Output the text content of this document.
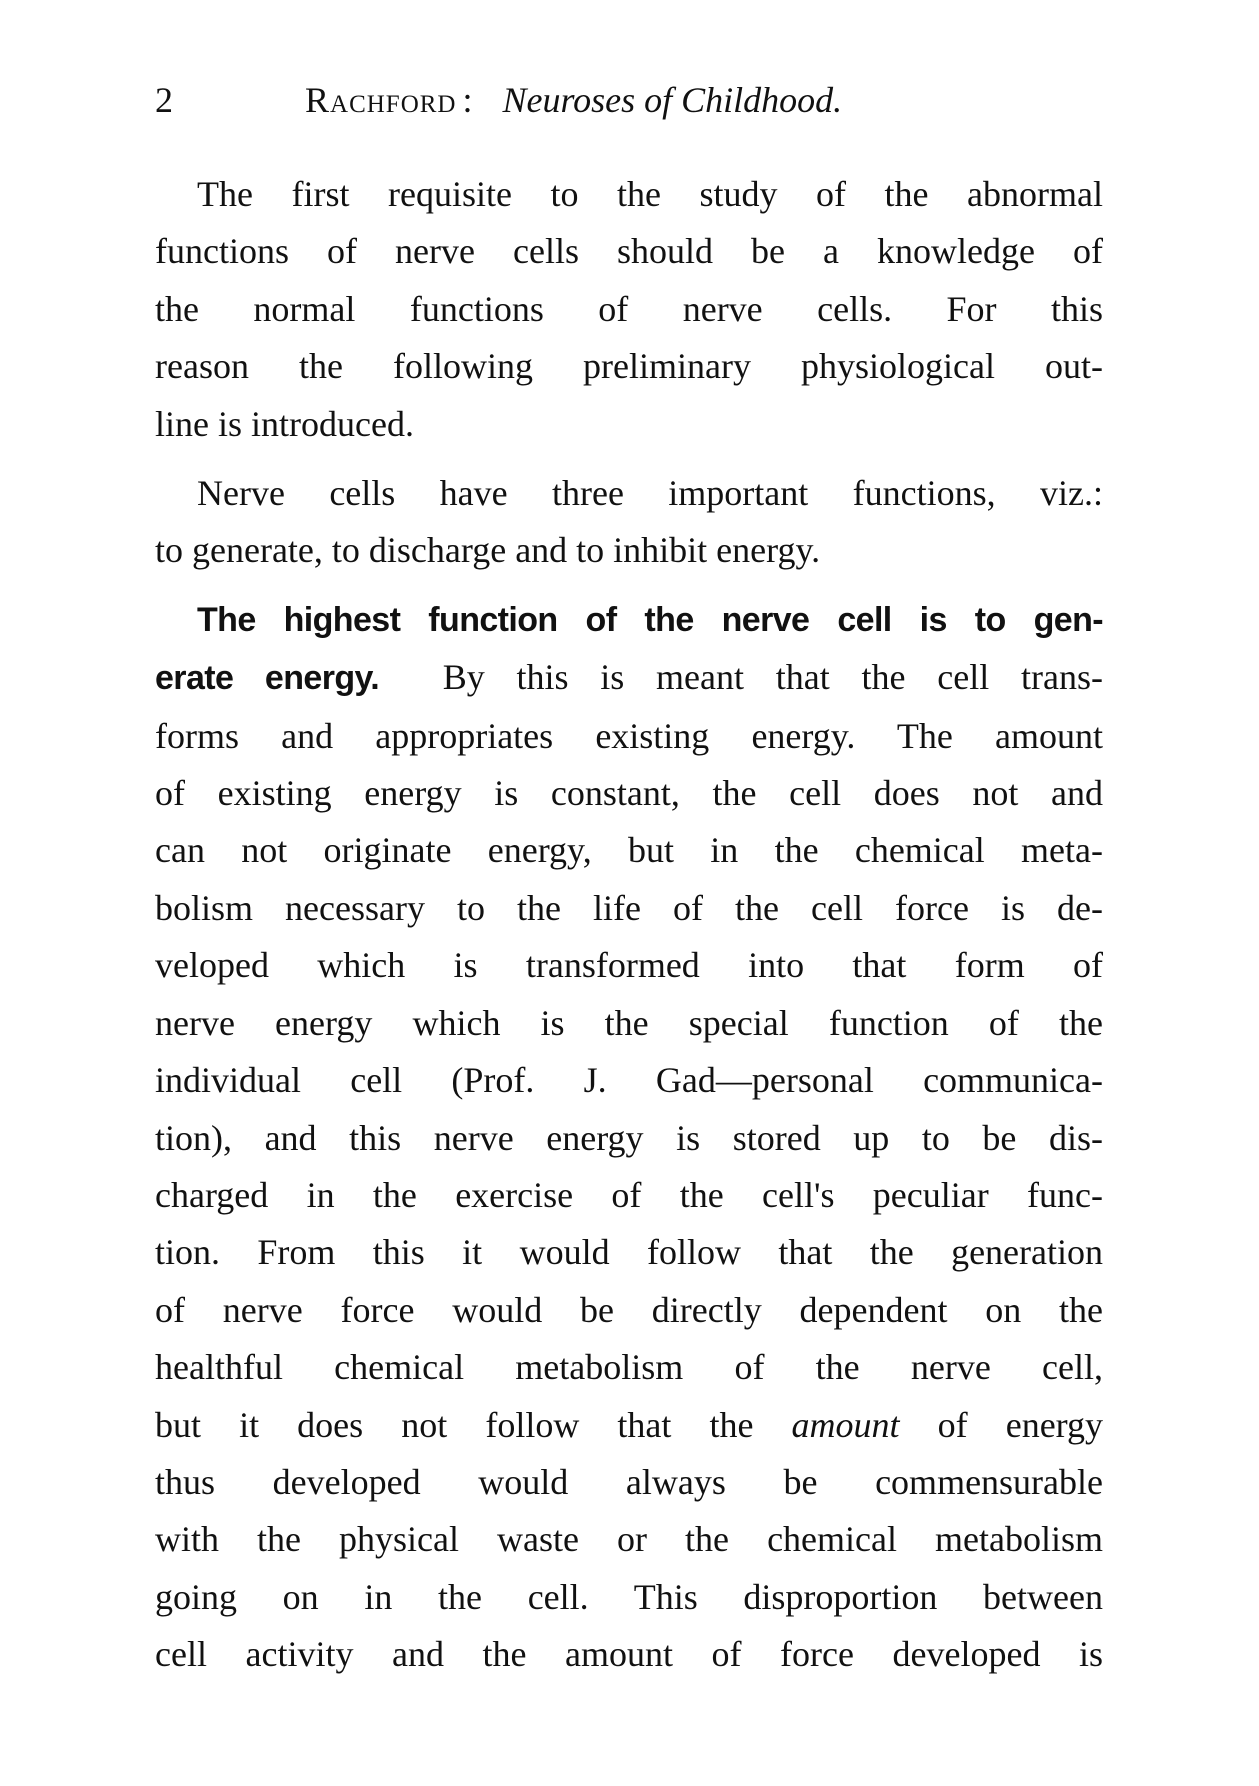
2	Rachford : Neuroses of Childhood.
The first requisite to the study of the abnormal
functions of nerve cells should be a knowledge of
the normal functions of nerve cells. For this
reason the following preliminary physiological out-
line is introduced.
Nerve cells have three important functions, viz.:
to generate, to discharge and to inhibit energy.
The highest function of the nerve cell is to gen-
erate energy. By this is meant that the cell trans-
forms and appropriates existing energy. The amount
of existing energy is constant, the cell does not and
can not originate energy, but in the chemical meta-
bolism necessary to the life of the cell force is de-
veloped which is transformed into that form of
nerve energy which is the special function of the
individual cell (Prof. J. Gad—personal communica-
tion), and this nerve energy is stored up to be dis-
charged in the exercise of the cell's peculiar func-
tion. From this it would follow that the generation
of nerve force would be directly dependent on the
healthful chemical metabolism of the nerve cell,
but it does not follow that the amount of energy
thus developed would always be commensurable
with the physical waste or the chemical metabolism
going on in the cell. This disproportion between
cell activity and the amount of force developed is
